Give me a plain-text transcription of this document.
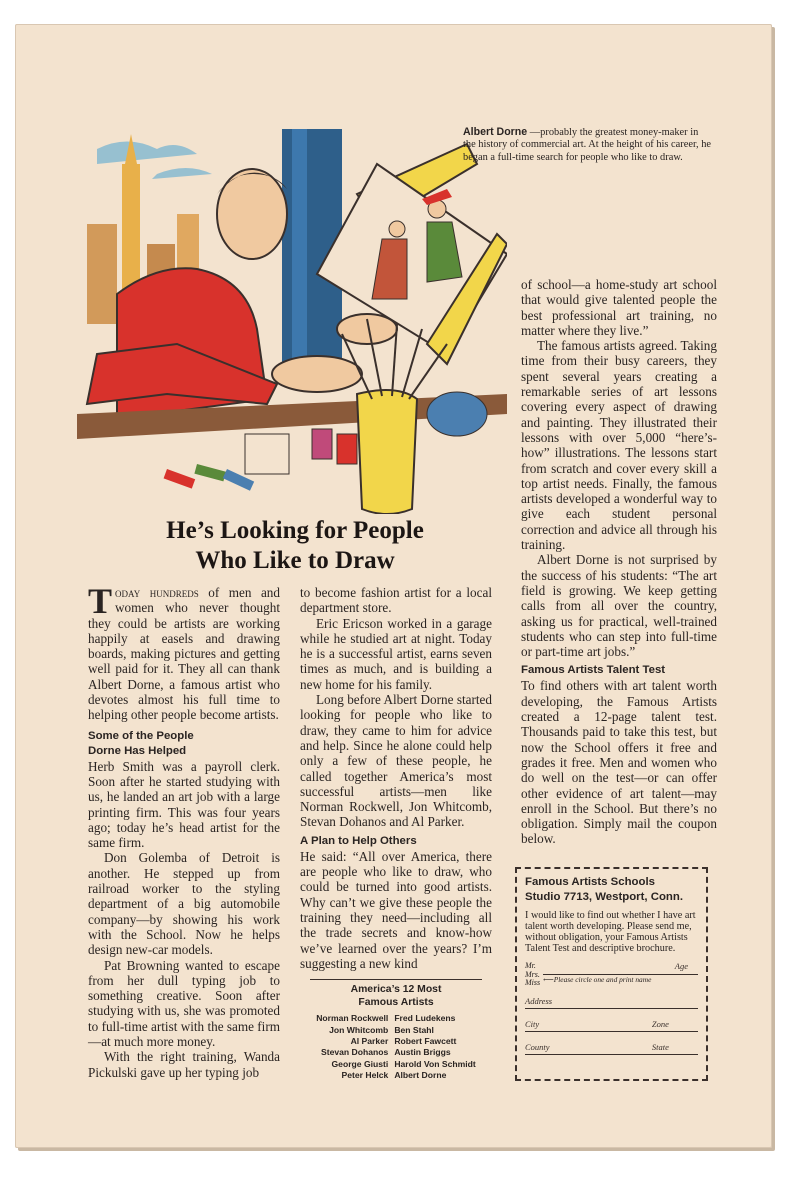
Albert Dorne —probably the greatest money-maker in the history of commercial art. At the height of his career, he began a full-time search for people who like to draw.
He’s Looking for People
Who Like to Draw

Today hundreds of men and women who never thought they could be artists are working happily at easels and drawing boards, making pictures and getting well paid for it. They all can thank Albert Dorne, a famous artist who devotes almost his full time to helping other people become artists.

Some of the People
Dorne Has Helped

Herb Smith was a payroll clerk. Soon after he started studying with us, he landed an art job with a large printing firm. This was four years ago; today he’s head artist for the same firm.

Don Golemba of Detroit is another. He stepped up from railroad worker to the styling department of a big automobile company—by showing his work with the School. Now he helps design new-car models.

Pat Browning wanted to escape from her dull typing job to something creative. Soon after studying with us, she was promoted to full-time artist with the same firm—at much more money.

With the right training, Wanda Pickulski gave up her typing job

to become fashion artist for a local department store.

Eric Ericson worked in a garage while he studied art at night. Today he is a successful artist, earns seven times as much, and is building a new home for his family.

Long before Albert Dorne started looking for people who like to draw, they came to him for advice and help. Since he alone could help only a few of these people, he called together America’s most successful artists—men like Norman Rockwell, Jon Whitcomb, Stevan Dohanos and Al Parker.

A Plan to Help Others

He said: “All over America, there are people who like to draw, who could be turned into good artists. Why can’t we give these people the training they need—including all the trade secrets and know-how we’ve learned over the years? I’m suggesting a new kind

America’s 12 Most
Famous Artists
Norman Rockwell
Jon Whitcomb
Al Parker
Stevan Dohanos
George Giusti
Peter Helck
Fred Ludekens
Ben Stahl
Robert Fawcett
Austin Briggs
Harold Von Schmidt
Albert Dorne

of school—a home-study art school that would give talented people the best professional art training, no matter where they live.”

The famous artists agreed. Taking time from their busy careers, they spent several years creating a remarkable series of art lessons covering every aspect of drawing and painting. They illustrated their lessons with over 5,000 “here’s-how” illustrations. The lessons start from scratch and cover every skill a top artist needs. Finally, the famous artists developed a wonderful way to give each student personal correction and advice all through his training.

Albert Dorne is not surprised by the success of his students: “The art field is growing. We keep getting calls from all over the country, asking us for practical, well-trained students who can step into full-time or part-time art jobs.”

Famous Artists Talent Test

To find others with art talent worth developing, the Famous Artists created a 12-page talent test. Thousands paid to take this test, but now the School offers it free and grades it free. Men and women who do well on the test—or can offer other evidence of art talent—may enroll in the School. But there’s no obligation. Simply mail the coupon below.

Famous Artists Schools
Studio 7713, Westport, Conn.
I would like to find out whether I have art talent worth developing. Please send me, without obligation, your Famous Artists Talent Test and descriptive brochure.
Mr.
Mrs.
Miss
Age
⟵Please circle one and print name
Address
City	Zone
County	State
